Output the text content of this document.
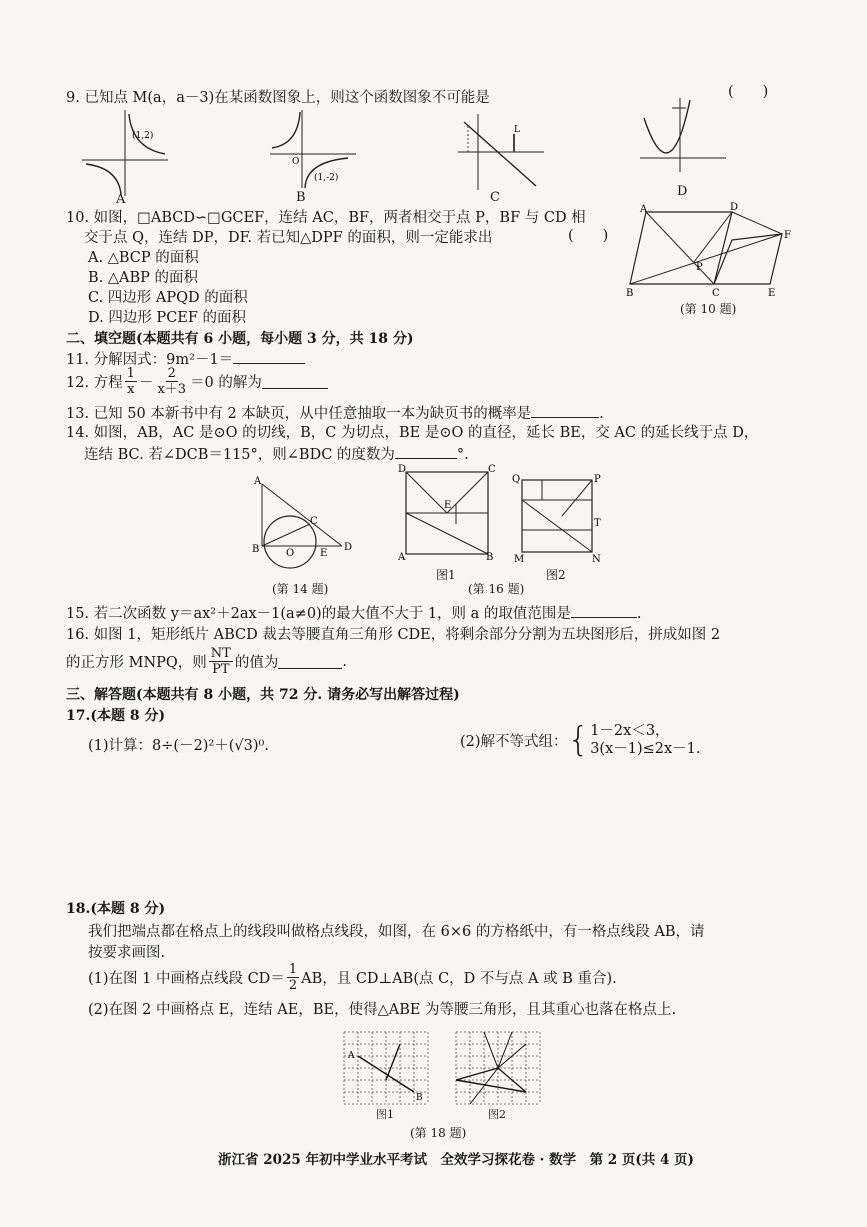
9. 已知点 M(a，a－3)在某函数图象上，则这个函数图象不可能是	(　　)
(1,2)
A
O
(1,-2)
B
L
C	D
10. 如图，□ABCD∽□GCEF，连结 AC，BF，两者相交于点 P，BF 与 CD 相
交于点 Q，连结 DP，DF. 若已知△DPF 的面积，则一定能求出	(　　)
A. △BCP 的面积
B. △ABP 的面积
C. 四边形 APQD 的面积
D. 四边形 PCEF 的面积
A	D
F
B	C	E
P
(第 10 题)
二、填空题(本题共有 6 小题，每小题 3 分，共 18 分)
11. 分解因式：9m²－1＝
12. 方程 $\frac{1}{x} - \frac{2}{x+3} =0$ 的解为
13. 已知 50 本新书中有 2 本缺页，从中任意抽取一本为缺页书的概率是	.
14. 如图，AB，AC 是⊙O 的切线，B，C 为切点，BE 是⊙O 的直径，延长 BE，交 AC 的延长线于点 D，
连结 BC. 若∠DCB＝115°，则∠BDC 的度数为	°.
A
C
B	O	E
D
(第 14 题)
D	C
E
A	B
图1
Q	P
T
M	N
图2
(第 16 题)
15. 若二次函数 y＝ax²＋2ax－1(a≠0)的最大值不大于 1，则 a 的取值范围是	.
16. 如图 1，矩形纸片 ABCD 裁去等腰直角三角形 CDE，将剩余部分分割为五块图形后，拼成如图 2
的正方形 MNPQ，则 $\frac{NT}{PT}$ 的值为	.
三、解答题(本题共有 8 小题，共 72 分. 请务必写出解答过程)
17.(本题 8 分)
(1)计算：8÷(－2)²＋(√3)⁰.	(2)解不等式组： { 1－2x＜3，
3(x－1)≤2x－1.
18.(本题 8 分)
我们把端点都在格点上的线段叫做格点线段，如图，在 6×6 的方格纸中，有一格点线段 AB，请
按要求画图.
(1)在图 1 中画格点线段 $CD= \frac{1}{2}$ AB，且 CD⊥AB(点 C，D 不与点 A 或 B 重合).
(2)在图 2 中画格点 E，连结 AE，BE，使得△ABE 为等腰三角形，且其重心也落在格点上.
A
B
图1	图2
(第 18 题)
浙江省 2025 年初中学业水平考试　全效学习探花卷 · 数学　第 2 页(共 4 页)
